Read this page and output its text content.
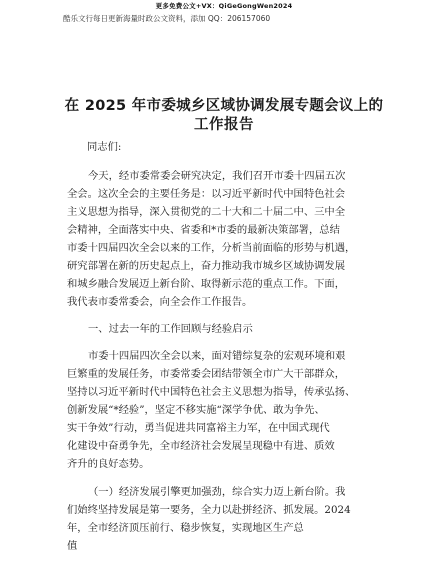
更多免费公文+VX：QiGeGongWen2024
酷乐文行每日更新海量时政公文资料，添加 QQ：206157060
在 2025 年市委城乡区域协调发展专题会议上的
工作报告
同志们:
今天，经市委常委会研究决定，我们召开市委十四届五次
全会。这次全会的主要任务是：以习近平新时代中国特色社会
主义思想为指导，深入贯彻党的二十大和二十届二中、三中全
会精神，全面落实中央、省委和*市委的最新决策部署，总结
市委十四届四次全会以来的工作，分析当前面临的形势与机遇，
研究部署在新的历史起点上，奋力推动我市城乡区域协调发展
和城乡融合发展迈上新台阶、取得新示范的重点工作。下面，
我代表市委常委会，向全会作工作报告。
一、过去一年的工作回顾与经验启示
市委十四届四次全会以来，面对错综复杂的宏观环境和艰
巨繁重的发展任务，市委常委会团结带领全市广大干部群众，
坚持以习近平新时代中国特色社会主义思想为指导，传承弘扬、
创新发展“*经验”，坚定不移实施“深学争优、敢为争先、
实干争效”行动，勇当促进共同富裕主力军，在中国式现代
化建设中奋勇争先，全市经济社会发展呈现稳中有进、质效
齐升的良好态势。
（一）经济发展引擎更加强劲，综合实力迈上新台阶。我
们始终坚持发展是第一要务，全力以赴拼经济、抓发展。2024
年，全市经济顶压前行、稳步恢复，实现地区生产总
值
